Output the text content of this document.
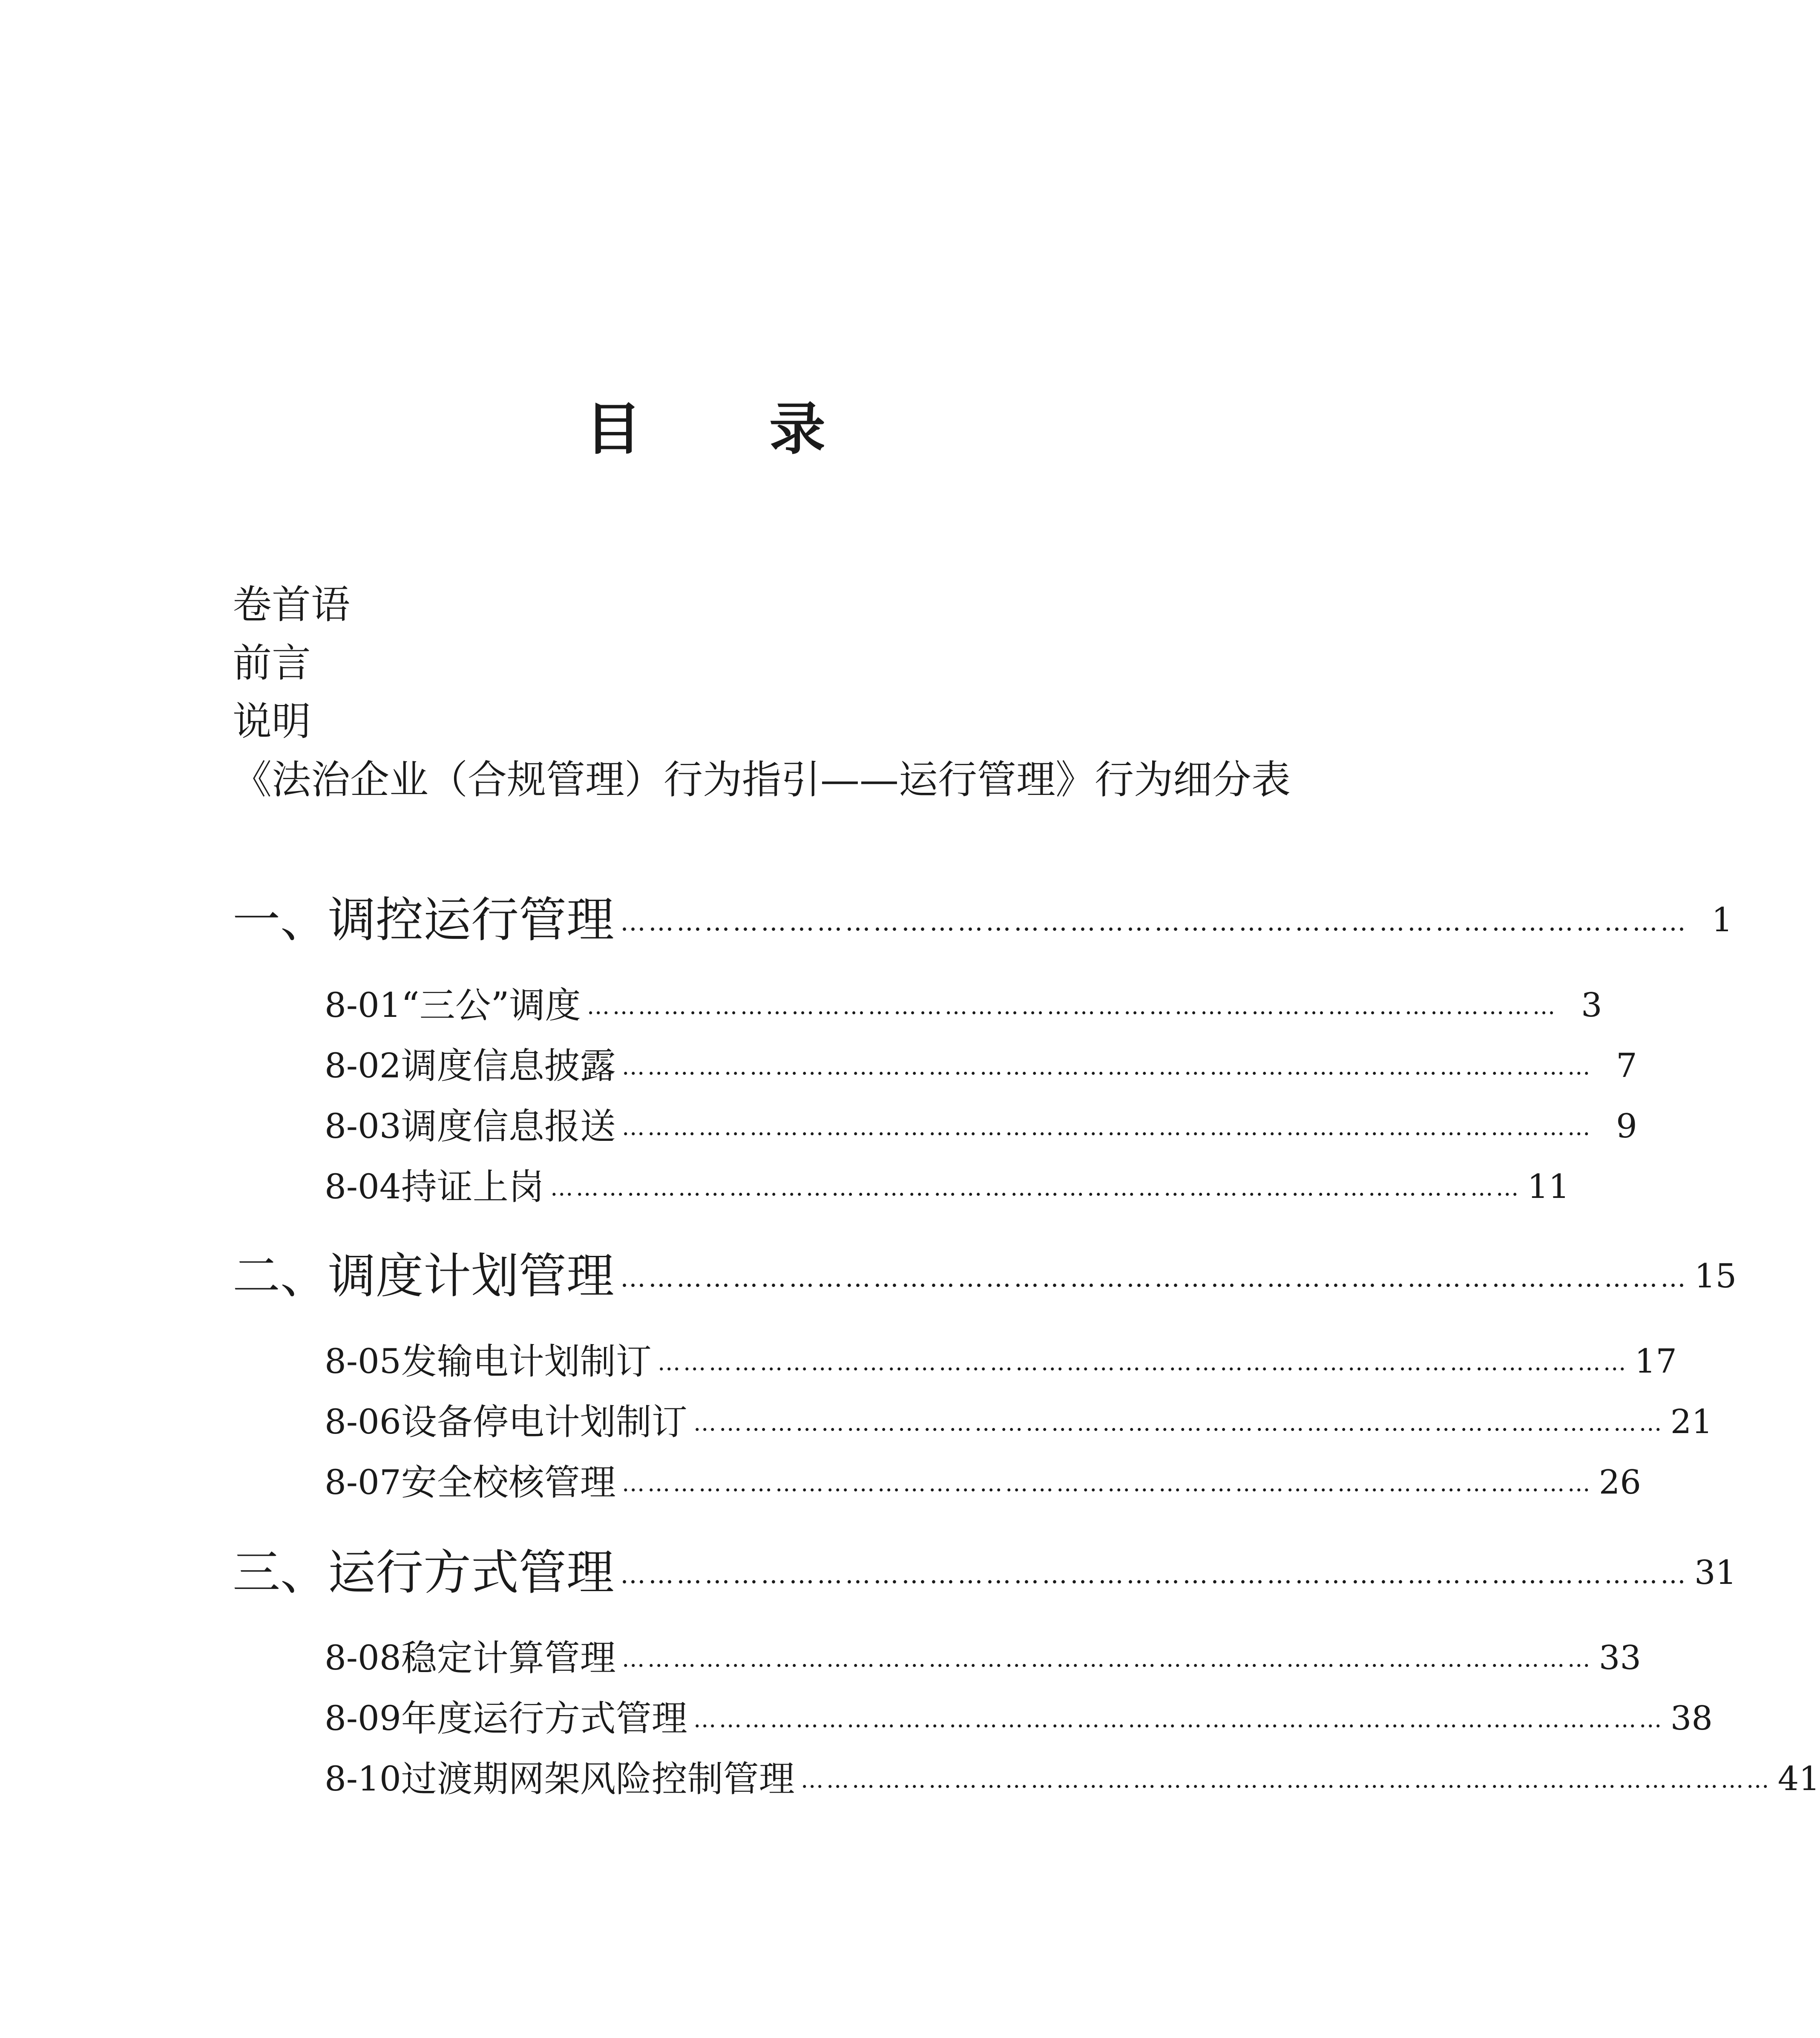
目 录
卷首语
前言
说明
《法治企业（合规管理）行为指引——运行管理》行为细分表
一、调控运行管理 …………………………………………………………………………………………………… 1
8-01 “三公”调度 …………………………………………………………………………………………………… 3
8-02 调度信息披露 …………………………………………………………………………………………………… 7
8-03 调度信息报送 …………………………………………………………………………………………………… 9
8-04 持证上岗 …………………………………………………………………………………………………… 11
二、调度计划管理 …………………………………………………………………………………………………… 15
8-05 发输电计划制订 …………………………………………………………………………………………………… 17
8-06 设备停电计划制订 …………………………………………………………………………………………………… 21
8-07 安全校核管理 …………………………………………………………………………………………………… 26
三、运行方式管理 …………………………………………………………………………………………………… 31
8-08 稳定计算管理 …………………………………………………………………………………………………… 33
8-09 年度运行方式管理 …………………………………………………………………………………………………… 38
8-10 过渡期网架风险控制管理 …………………………………………………………………………………………………… 41
